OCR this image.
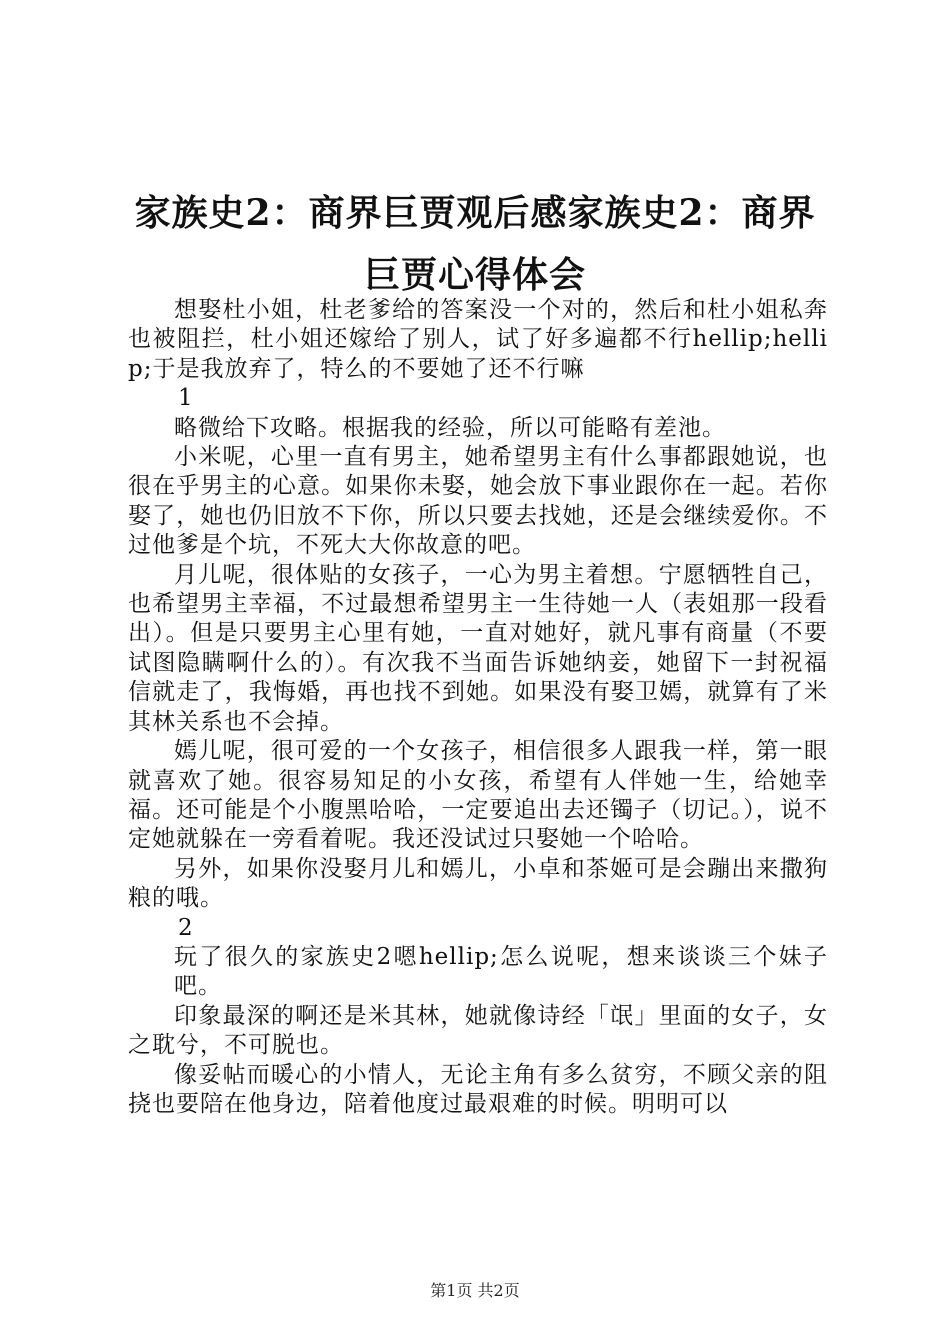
家族史2：商界巨贾观后感家族史2：商界巨贾心得体会

想娶杜小姐，杜老爹给的答案没一个对的，然后和杜小姐私奔也被阻拦，杜小姐还嫁给了别人，试了好多遍都不行hellip;hellip;于是我放弃了，特么的不要她了还不行嘛

1

略微给下攻略。根据我的经验，所以可能略有差池。

小米呢，心里一直有男主，她希望男主有什么事都跟她说，也很在乎男主的心意。如果你未娶，她会放下事业跟你在一起。若你娶了，她也仍旧放不下你，所以只要去找她，还是会继续爱你。不过他爹是个坑，不死大大你故意的吧。

月儿呢，很体贴的女孩子，一心为男主着想。宁愿牺牲自己，也希望男主幸福，不过最想希望男主一生待她一人（表姐那一段看出）。但是只要男主心里有她，一直对她好，就凡事有商量（不要试图隐瞒啊什么的）。有次我不当面告诉她纳妾，她留下一封祝福信就走了，我悔婚，再也找不到她。如果没有娶卫嫣，就算有了米其林关系也不会掉。

嫣儿呢，很可爱的一个女孩子，相信很多人跟我一样，第一眼就喜欢了她。很容易知足的小女孩，希望有人伴她一生，给她幸福。还可能是个小腹黑哈哈，一定要追出去还镯子（切记。），说不定她就躲在一旁看着呢。我还没试过只娶她一个哈哈。

另外，如果你没娶月儿和嫣儿，小卓和茶姬可是会蹦出来撒狗粮的哦。

2

玩了很久的家族史2嗯hellip;怎么说呢，想来谈谈三个妹子吧。

印象最深的啊还是米其林，她就像诗经「氓」里面的女子，女之耽兮，不可脱也。

像妥帖而暖心的小情人，无论主角有多么贫穷，不顾父亲的阻挠也要陪在他身边，陪着他度过最艰难的时候。明明可以

第1页 共2页
